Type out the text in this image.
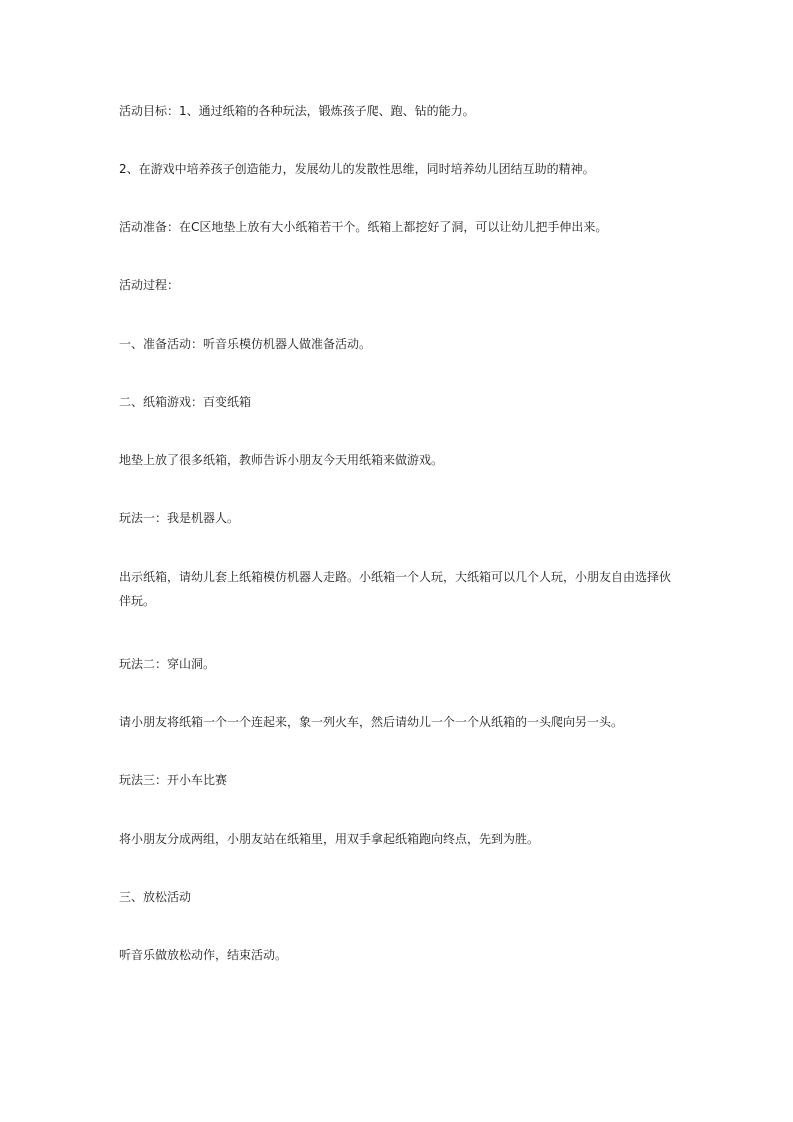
活动目标：1、通过纸箱的各种玩法，锻炼孩子爬、跑、钻的能力。

2、在游戏中培养孩子创造能力，发展幼儿的发散性思维，同时培养幼儿团结互助的精神。

活动准备：在C区地垫上放有大小纸箱若干个。纸箱上都挖好了洞，可以让幼儿把手伸出来。

活动过程：

一、准备活动：听音乐模仿机器人做准备活动。

二、纸箱游戏：百变纸箱

地垫上放了很多纸箱，教师告诉小朋友今天用纸箱来做游戏。

玩法一：我是机器人。

出示纸箱，请幼儿套上纸箱模仿机器人走路。小纸箱一个人玩，大纸箱可以几个人玩，小朋友自由选择伙伴玩。

玩法二：穿山洞。

请小朋友将纸箱一个一个连起来，象一列火车，然后请幼儿一个一个从纸箱的一头爬向另一头。

玩法三：开小车比赛

将小朋友分成两组，小朋友站在纸箱里，用双手拿起纸箱跑向终点，先到为胜。

三、放松活动

听音乐做放松动作，结束活动。
